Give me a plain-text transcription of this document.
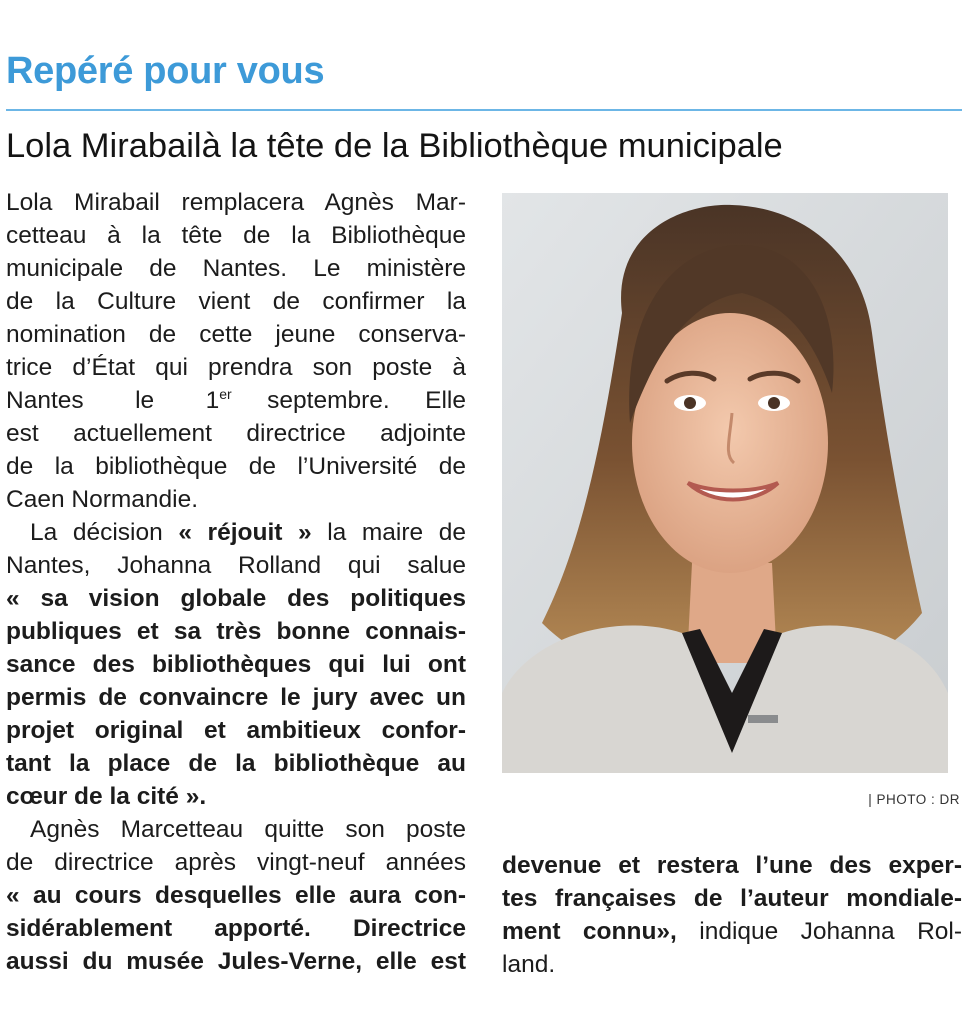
Repéré pour vous
Lola Mirabailà la tête de la Bibliothèque municipale
Lola Mirabail remplacera Agnès Mar-
cetteau à la tête de la Bibliothèque
municipale de Nantes. Le ministère
de la Culture vient de confirmer la
nomination de cette jeune conserva-
trice d’État qui prendra son poste à
Nantes le 1er septembre. Elle
est actuellement directrice adjointe
de la bibliothèque de l’Université de
Caen Normandie.
La décision « réjouit » la maire de
Nantes, Johanna Rolland qui salue
« sa vision globale des politiques
publiques et sa très bonne connais-
sance des bibliothèques qui lui ont
permis de convaincre le jury avec un
projet original et ambitieux confor-
tant la place de la bibliothèque au
cœur de la cité ».
Agnès Marcetteau quitte son poste
de directrice après vingt-neuf années
« au cours desquelles elle aura con-
sidérablement apporté. Directrice
aussi du musée Jules-Verne, elle est
| PHOTO : DR
devenue et restera l’une des exper-
tes françaises de l’auteur mondiale-
ment connu», indique Johanna Rol-
land.
